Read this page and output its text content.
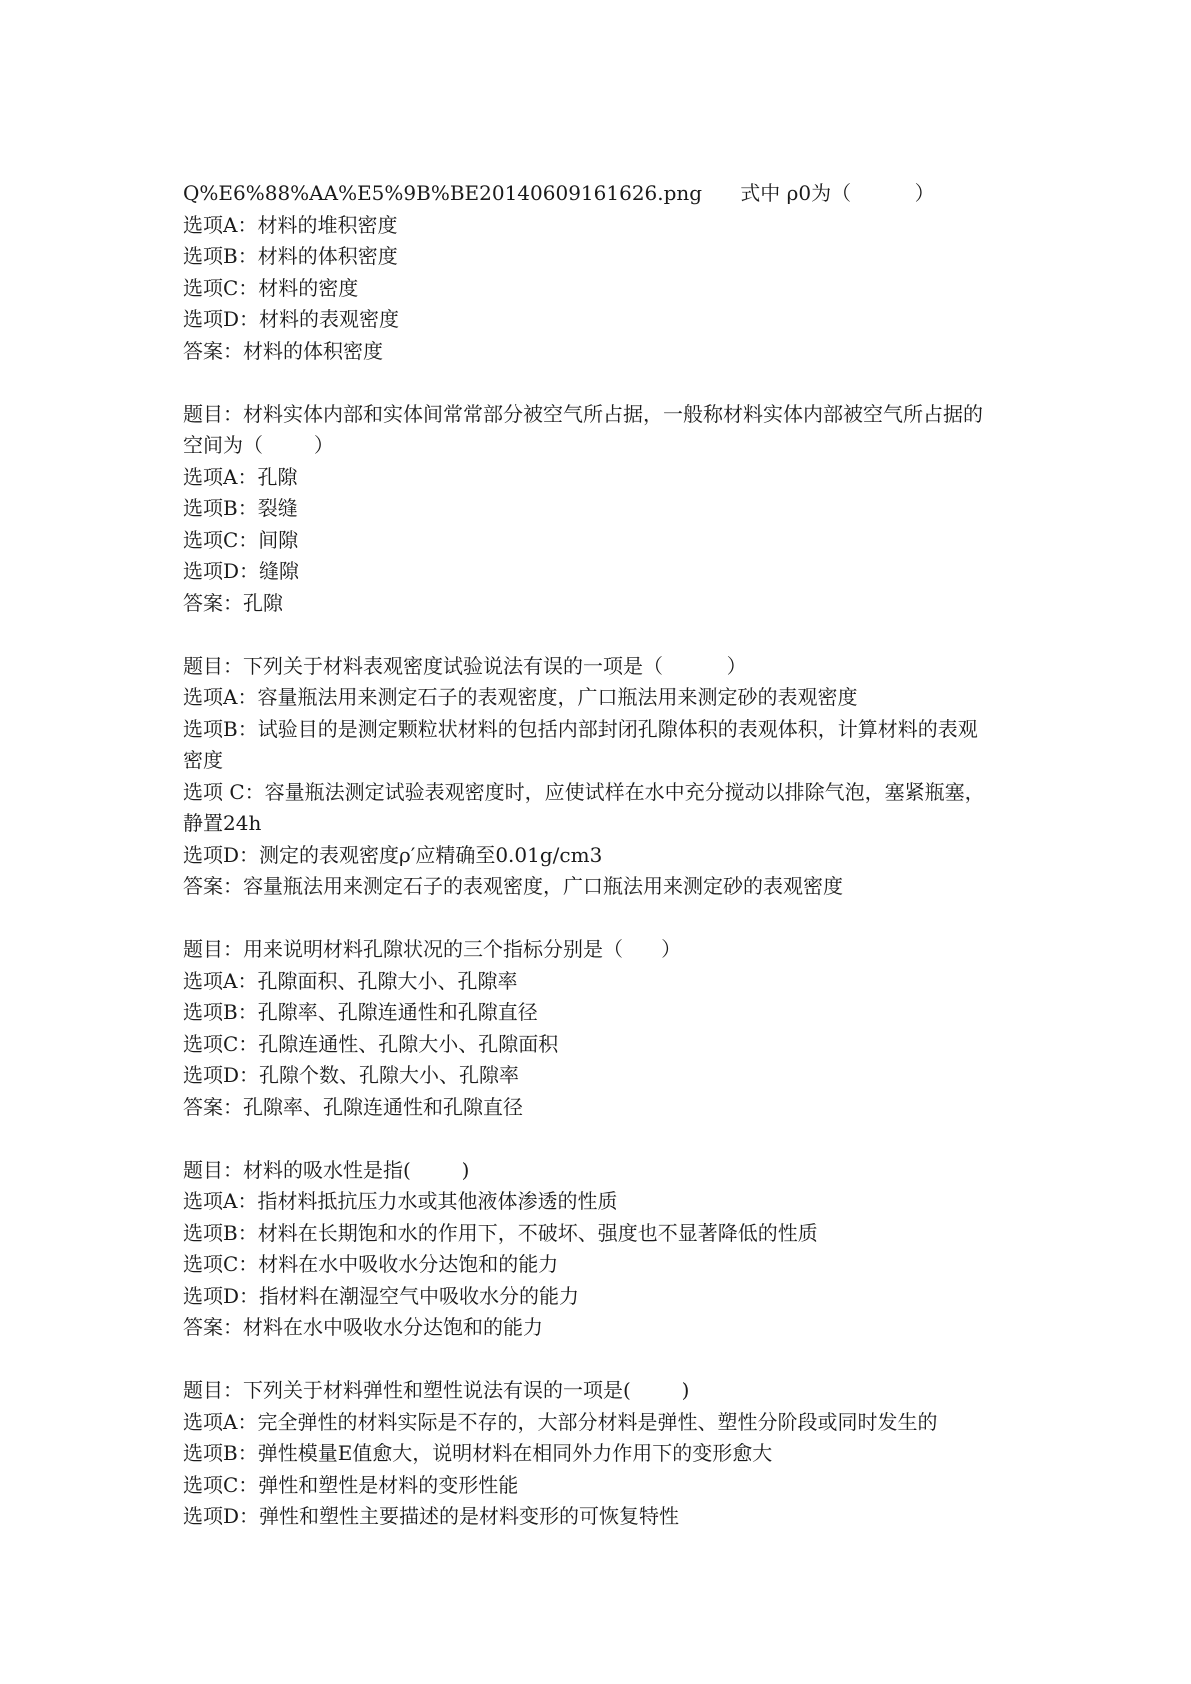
Q%E6%88%AA%E5%9B%BE20140609161626.png      式中 ρ0为（          ）
选项A：材料的堆积密度
选项B：材料的体积密度
选项C：材料的密度
选项D：材料的表观密度
答案：材料的体积密度
题目：材料实体内部和实体间常常部分被空气所占据，一般称材料实体内部被空气所占据的
空间为（        ）
选项A：孔隙
选项B：裂缝
选项C：间隙
选项D：缝隙
答案：孔隙
题目：下列关于材料表观密度试验说法有误的一项是（          ）
选项A：容量瓶法用来测定石子的表观密度，广口瓶法用来测定砂的表观密度
选项B：试验目的是测定颗粒状材料的包括内部封闭孔隙体积的表观体积，计算材料的表观
密度
选项 C：容量瓶法测定试验表观密度时，应使试样在水中充分搅动以排除气泡，塞紧瓶塞，
静置24h
选项D：测定的表观密度ρ′应精确至0.01g/cm3
答案：容量瓶法用来测定石子的表观密度，广口瓶法用来测定砂的表观密度
题目：用来说明材料孔隙状况的三个指标分别是（      ）
选项A：孔隙面积、孔隙大小、孔隙率
选项B：孔隙率、孔隙连通性和孔隙直径
选项C：孔隙连通性、孔隙大小、孔隙面积
选项D：孔隙个数、孔隙大小、孔隙率
答案：孔隙率、孔隙连通性和孔隙直径
题目：材料的吸水性是指(        )
选项A：指材料抵抗压力水或其他液体渗透的性质
选项B：材料在长期饱和水的作用下，不破坏、强度也不显著降低的性质
选项C：材料在水中吸收水分达饱和的能力
选项D：指材料在潮湿空气中吸收水分的能力
答案：材料在水中吸收水分达饱和的能力
题目：下列关于材料弹性和塑性说法有误的一项是(        )
选项A：完全弹性的材料实际是不存的，大部分材料是弹性、塑性分阶段或同时发生的
选项B：弹性模量E值愈大，说明材料在相同外力作用下的变形愈大
选项C：弹性和塑性是材料的变形性能
选项D：弹性和塑性主要描述的是材料变形的可恢复特性
